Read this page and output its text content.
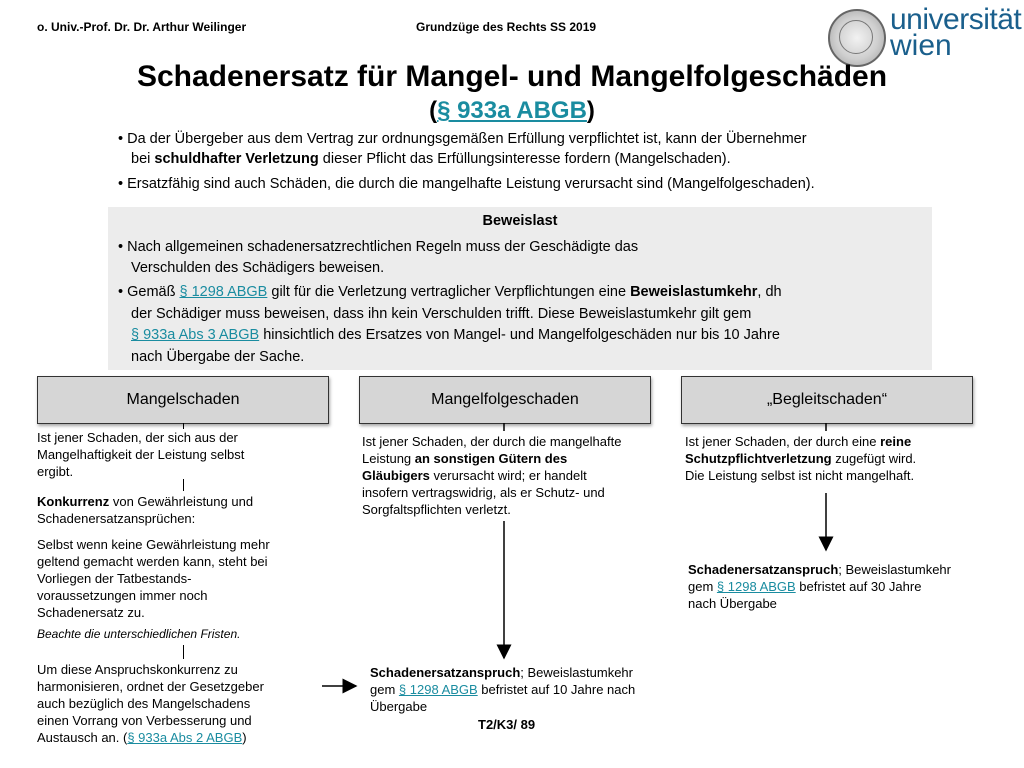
o. Univ.-Prof. Dr. Dr. Arthur Weilinger	Grundzüge des Rechts SS 2019	universität
wien
Schadenersatz für Mangel- und Mangelfolgeschäden
(§ 933a ABGB)
• Da der Übergeber aus dem Vertrag zur ordnungsgemäßen Erfüllung verpflichtet ist, kann der Übernehmer
bei schuldhafter Verletzung dieser Pflicht das Erfüllungsinteresse fordern (Mangelschaden).
• Ersatzfähig sind auch Schäden, die durch die mangelhafte Leistung verursacht sind (Mangelfolgeschaden).
Beweislast
• Nach allgemeinen schadenersatzrechtlichen Regeln muss der Geschädigte das
Verschulden des Schädigers beweisen.
• Gemäß § 1298 ABGB gilt für die Verletzung vertraglicher Verpflichtungen eine Beweislastumkehr, dh
der Schädiger muss beweisen, dass ihn kein Verschulden trifft. Diese Beweislastumkehr gilt gem
§ 933a Abs 3 ABGB hinsichtlich des Ersatzes von Mangel- und Mangelfolgeschäden nur bis 10 Jahre
nach Übergabe der Sache.
Mangelschaden	Mangelfolgeschaden	„Begleitschaden“
Ist jener Schaden, der sich aus der
Mangelhaftigkeit der Leistung selbst
ergibt.
Konkurrenz von Gewährleistung und
Schadenersatzansprüchen:
Selbst wenn keine Gewährleistung mehr
geltend gemacht werden kann, steht bei
Vorliegen der Tatbestands-
voraussetzungen immer noch
Schadenersatz zu.
Beachte die unterschiedlichen Fristen.
Um diese Anspruchskonkurrenz zu
harmonisieren, ordnet der Gesetzgeber
auch bezüglich des Mangelschadens
einen Vorrang von Verbesserung und
Austausch an. (§ 933a Abs 2 ABGB)
Ist jener Schaden, der durch die mangelhafte
Leistung an sonstigen Gütern des
Gläubigers verursacht wird; er handelt
insofern vertragswidrig, als er Schutz- und
Sorgfaltspflichten verletzt.
Schadenersatzanspruch; Beweislastumkehr
gem § 1298 ABGB befristet auf 10 Jahre nach
Übergabe
T2/K3/ 89
Ist jener Schaden, der durch eine reine
Schutzpflichtverletzung zugefügt wird.
Die Leistung selbst ist nicht mangelhaft.
Schadenersatzanspruch; Beweislastumkehr
gem § 1298 ABGB befristet auf 30 Jahre
nach Übergabe
